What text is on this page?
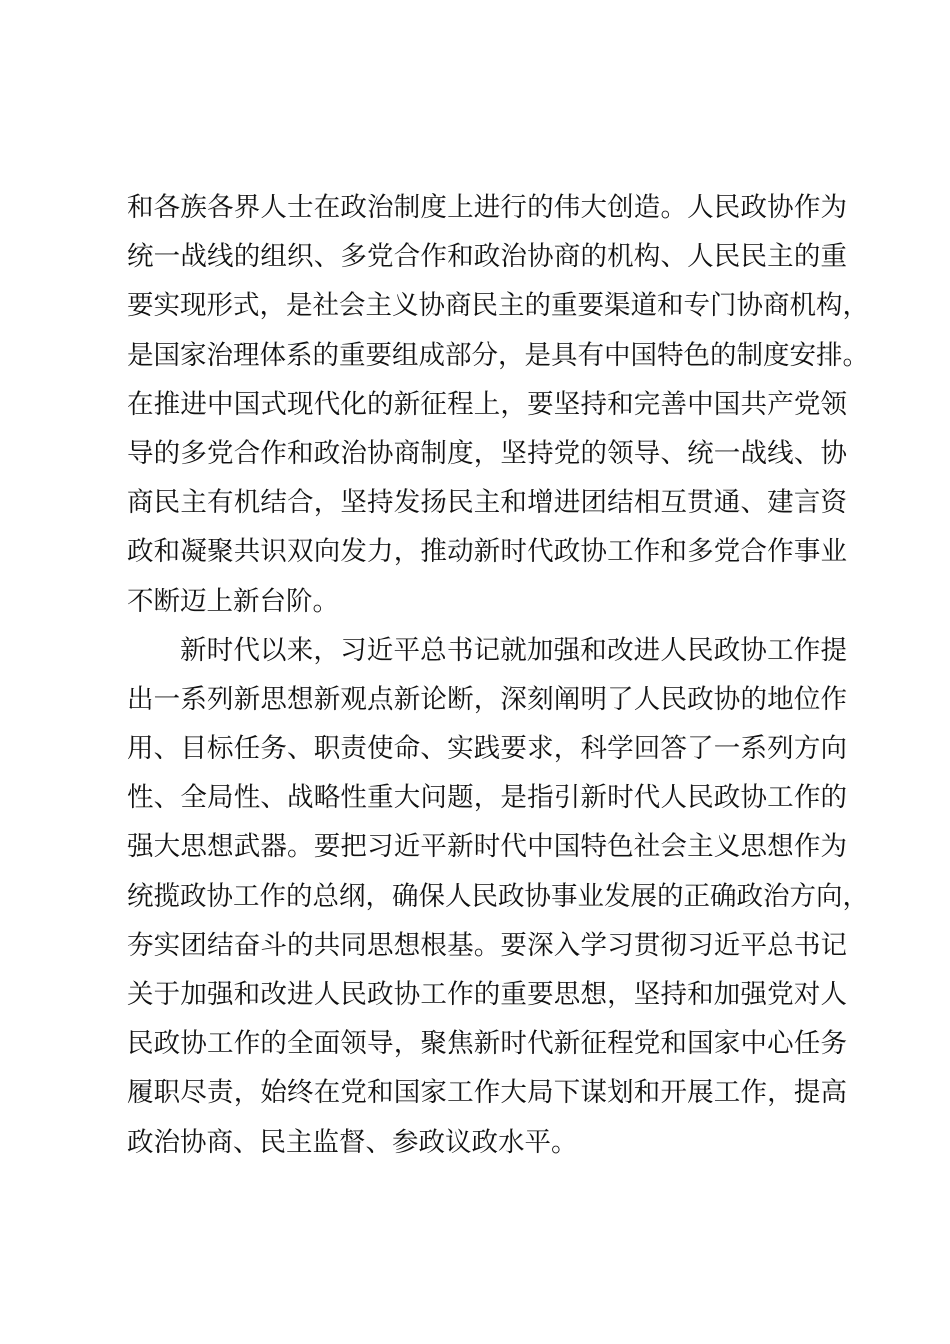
和各族各界人士在政治制度上进行的伟大创造。人民政协作为
统一战线的组织、多党合作和政治协商的机构、人民民主的重
要实现形式，是社会主义协商民主的重要渠道和专门协商机构，
是国家治理体系的重要组成部分，是具有中国特色的制度安排。
在推进中国式现代化的新征程上，要坚持和完善中国共产党领
导的多党合作和政治协商制度，坚持党的领导、统一战线、协
商民主有机结合，坚持发扬民主和增进团结相互贯通、建言资
政和凝聚共识双向发力，推动新时代政协工作和多党合作事业
不断迈上新台阶。
新时代以来，习近平总书记就加强和改进人民政协工作提
出一系列新思想新观点新论断，深刻阐明了人民政协的地位作
用、目标任务、职责使命、实践要求，科学回答了一系列方向
性、全局性、战略性重大问题，是指引新时代人民政协工作的
强大思想武器。要把习近平新时代中国特色社会主义思想作为
统揽政协工作的总纲，确保人民政协事业发展的正确政治方向，
夯实团结奋斗的共同思想根基。要深入学习贯彻习近平总书记
关于加强和改进人民政协工作的重要思想，坚持和加强党对人
民政协工作的全面领导，聚焦新时代新征程党和国家中心任务
履职尽责，始终在党和国家工作大局下谋划和开展工作，提高
政治协商、民主监督、参政议政水平。
